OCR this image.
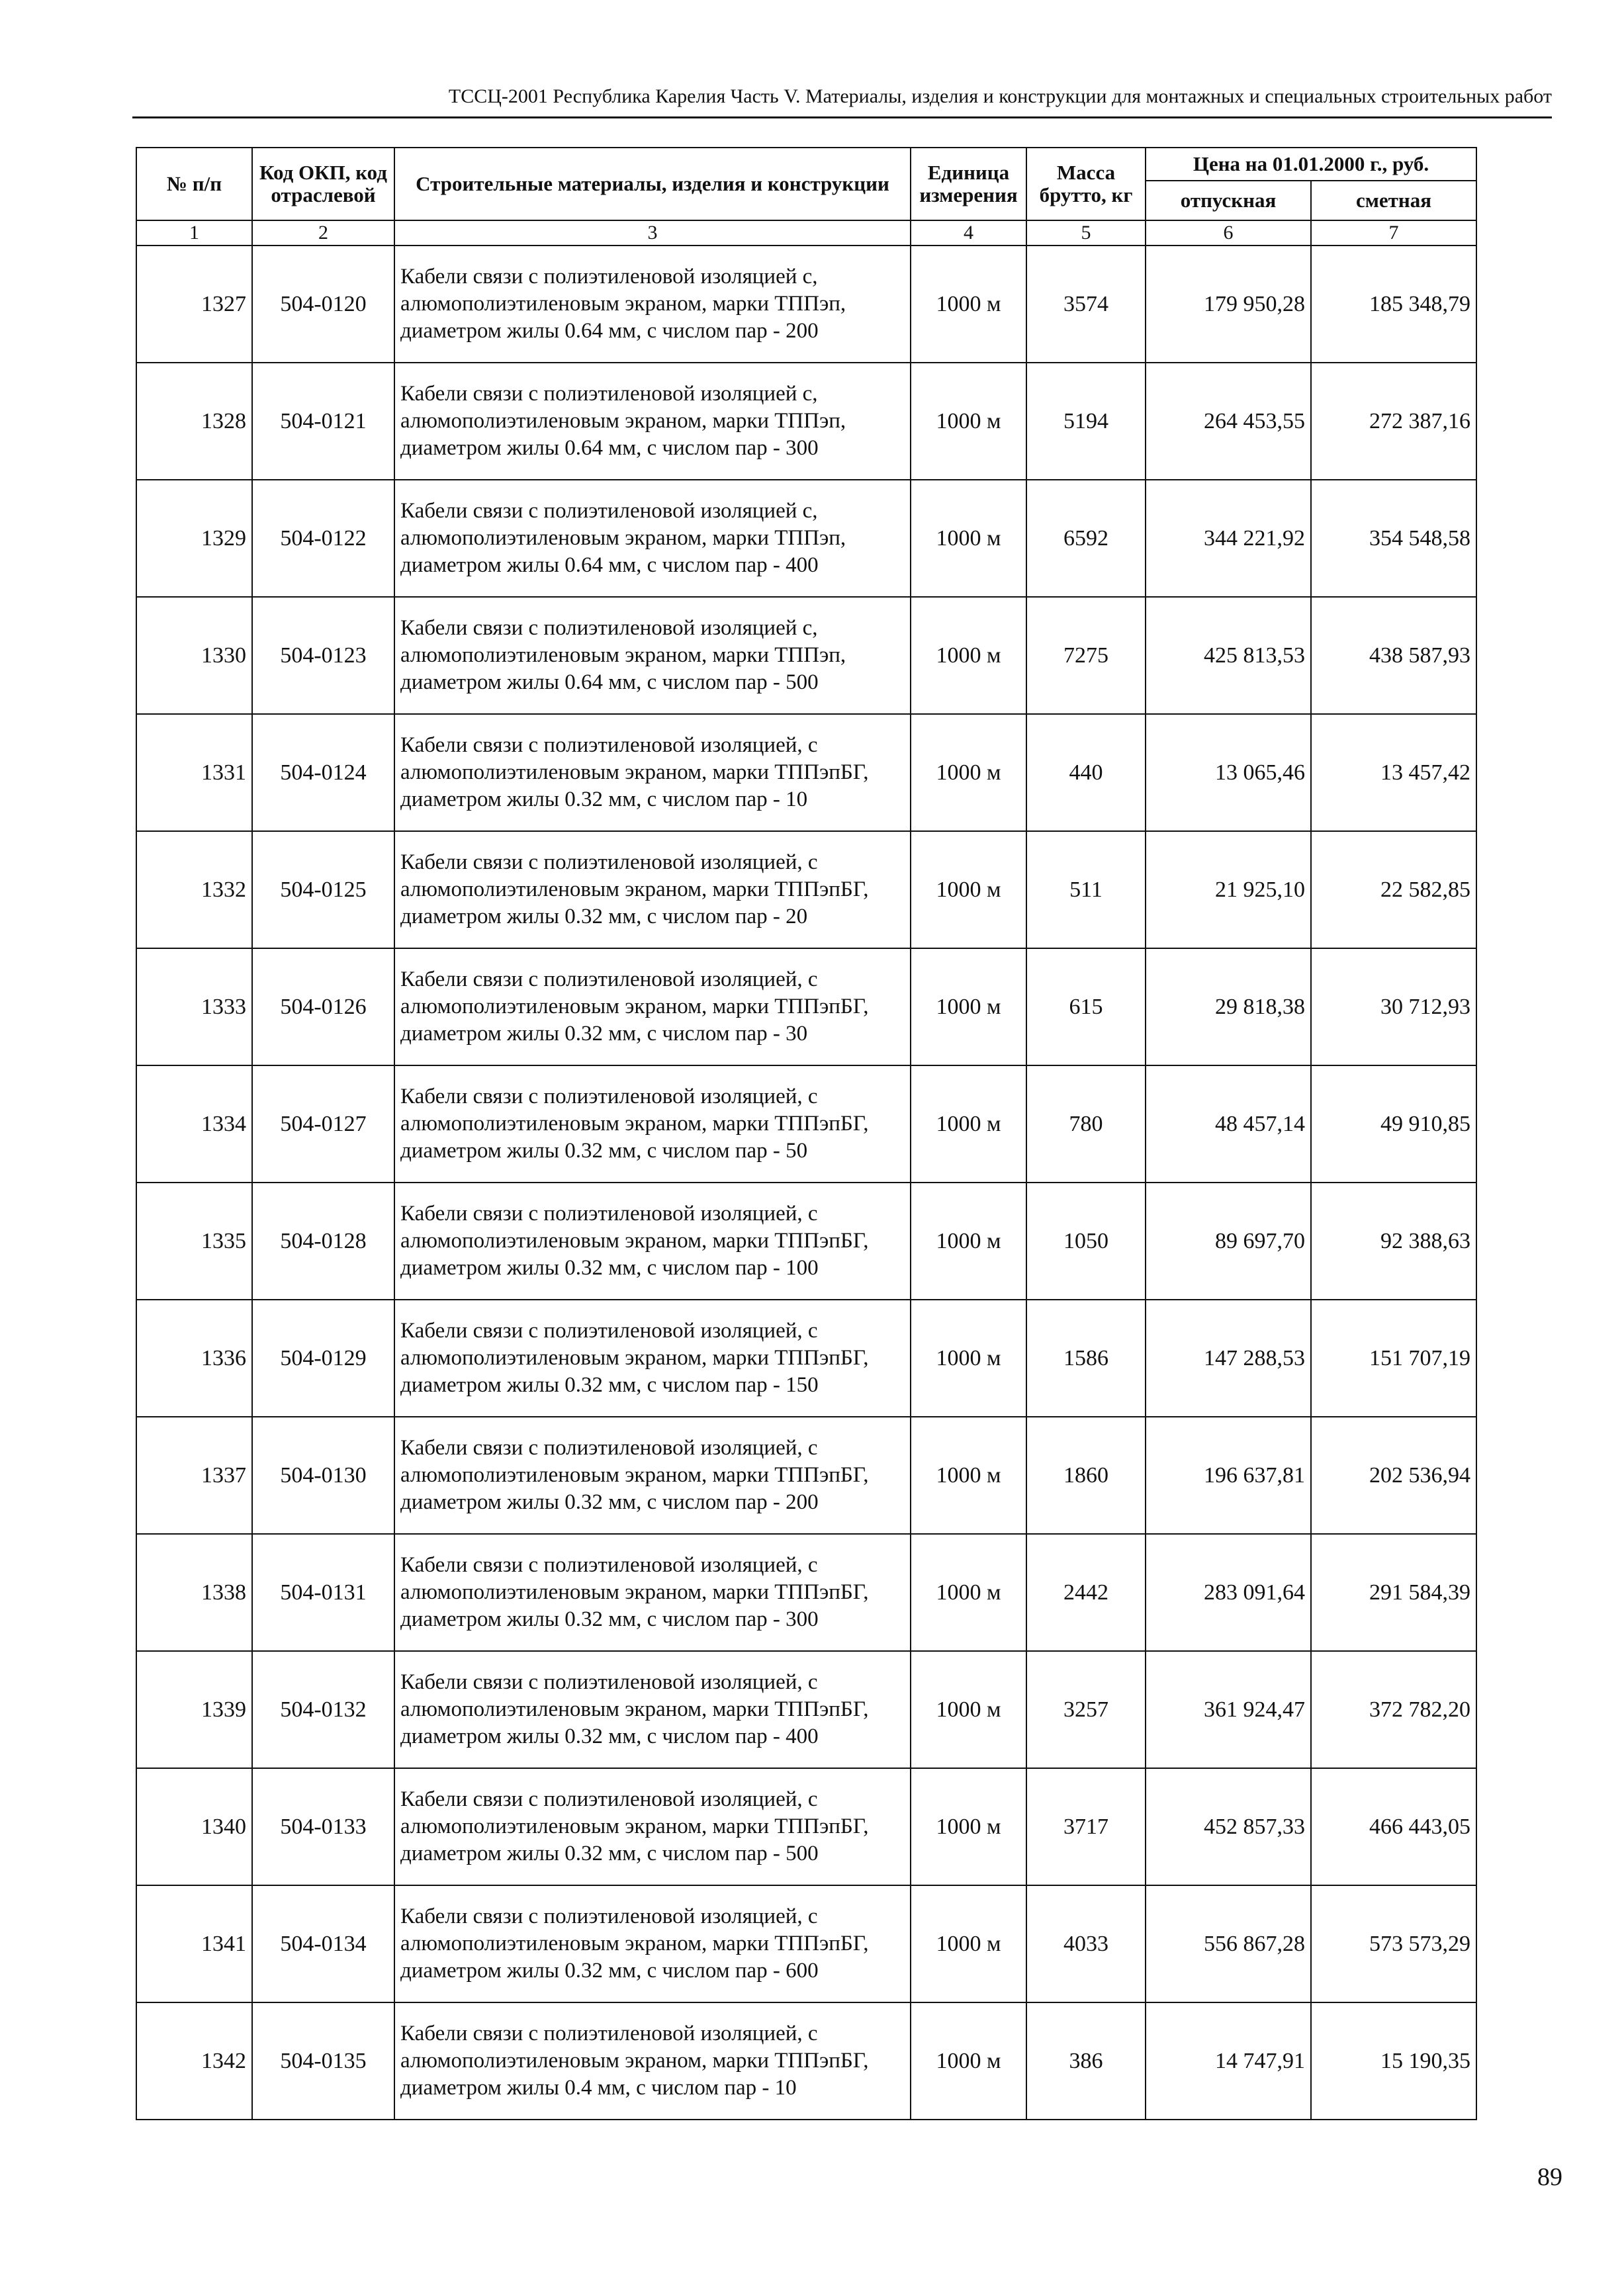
ТССЦ-2001 Республика Карелия Часть V. Материалы, изделия и конструкции для монтажных и специальных строительных работ
№ п/п	Код ОКП, код отраслевой	Строительные материалы, изделия и конструкции	Единица измерения	Масса брутто, кг	Цена на 01.01.2000 г., руб.	
					отпускная	сметная
1	2	3	4	5	6	7
1327	504-0120	Кабели связи с полиэтиленовой изоляцией с, алюмополиэтиленовым экраном, марки ТППэп, диаметром жилы 0.64 мм, с числом пар - 200	1000 м	3574	179 950,28	185 348,79
1328	504-0121	Кабели связи с полиэтиленовой изоляцией с, алюмополиэтиленовым экраном, марки ТППэп, диаметром жилы 0.64 мм, с числом пар - 300	1000 м	5194	264 453,55	272 387,16
1329	504-0122	Кабели связи с полиэтиленовой изоляцией с, алюмополиэтиленовым экраном, марки ТППэп, диаметром жилы 0.64 мм, с числом пар - 400	1000 м	6592	344 221,92	354 548,58
1330	504-0123	Кабели связи с полиэтиленовой изоляцией с, алюмополиэтиленовым экраном, марки ТППэп, диаметром жилы 0.64 мм, с числом пар - 500	1000 м	7275	425 813,53	438 587,93
1331	504-0124	Кабели связи с полиэтиленовой изоляцией, с алюмополиэтиленовым экраном, марки ТППэпБГ, диаметром жилы 0.32 мм, с числом пар - 10	1000 м	440	13 065,46	13 457,42
1332	504-0125	Кабели связи с полиэтиленовой изоляцией, с алюмополиэтиленовым экраном, марки ТППэпБГ, диаметром жилы 0.32 мм, с числом пар - 20	1000 м	511	21 925,10	22 582,85
1333	504-0126	Кабели связи с полиэтиленовой изоляцией, с алюмополиэтиленовым экраном, марки ТППэпБГ, диаметром жилы 0.32 мм, с числом пар - 30	1000 м	615	29 818,38	30 712,93
1334	504-0127	Кабели связи с полиэтиленовой изоляцией, с алюмополиэтиленовым экраном, марки ТППэпБГ, диаметром жилы 0.32 мм, с числом пар - 50	1000 м	780	48 457,14	49 910,85
1335	504-0128	Кабели связи с полиэтиленовой изоляцией, с алюмополиэтиленовым экраном, марки ТППэпБГ, диаметром жилы 0.32 мм, с числом пар - 100	1000 м	1050	89 697,70	92 388,63
1336	504-0129	Кабели связи с полиэтиленовой изоляцией, с алюмополиэтиленовым экраном, марки ТППэпБГ, диаметром жилы 0.32 мм, с числом пар - 150	1000 м	1586	147 288,53	151 707,19
1337	504-0130	Кабели связи с полиэтиленовой изоляцией, с алюмополиэтиленовым экраном, марки ТППэпБГ, диаметром жилы 0.32 мм, с числом пар - 200	1000 м	1860	196 637,81	202 536,94
1338	504-0131	Кабели связи с полиэтиленовой изоляцией, с алюмополиэтиленовым экраном, марки ТППэпБГ, диаметром жилы 0.32 мм, с числом пар - 300	1000 м	2442	283 091,64	291 584,39
1339	504-0132	Кабели связи с полиэтиленовой изоляцией, с алюмополиэтиленовым экраном, марки ТППэпБГ, диаметром жилы 0.32 мм, с числом пар - 400	1000 м	3257	361 924,47	372 782,20
1340	504-0133	Кабели связи с полиэтиленовой изоляцией, с алюмополиэтиленовым экраном, марки ТППэпБГ, диаметром жилы 0.32 мм, с числом пар - 500	1000 м	3717	452 857,33	466 443,05
1341	504-0134	Кабели связи с полиэтиленовой изоляцией, с алюмополиэтиленовым экраном, марки ТППэпБГ, диаметром жилы 0.32 мм, с числом пар - 600	1000 м	4033	556 867,28	573 573,29
1342	504-0135	Кабели связи с полиэтиленовой изоляцией, с алюмополиэтиленовым экраном, марки ТППэпБГ, диаметром жилы 0.4 мм, с числом пар - 10	1000 м	386	14 747,91	15 190,35
89
